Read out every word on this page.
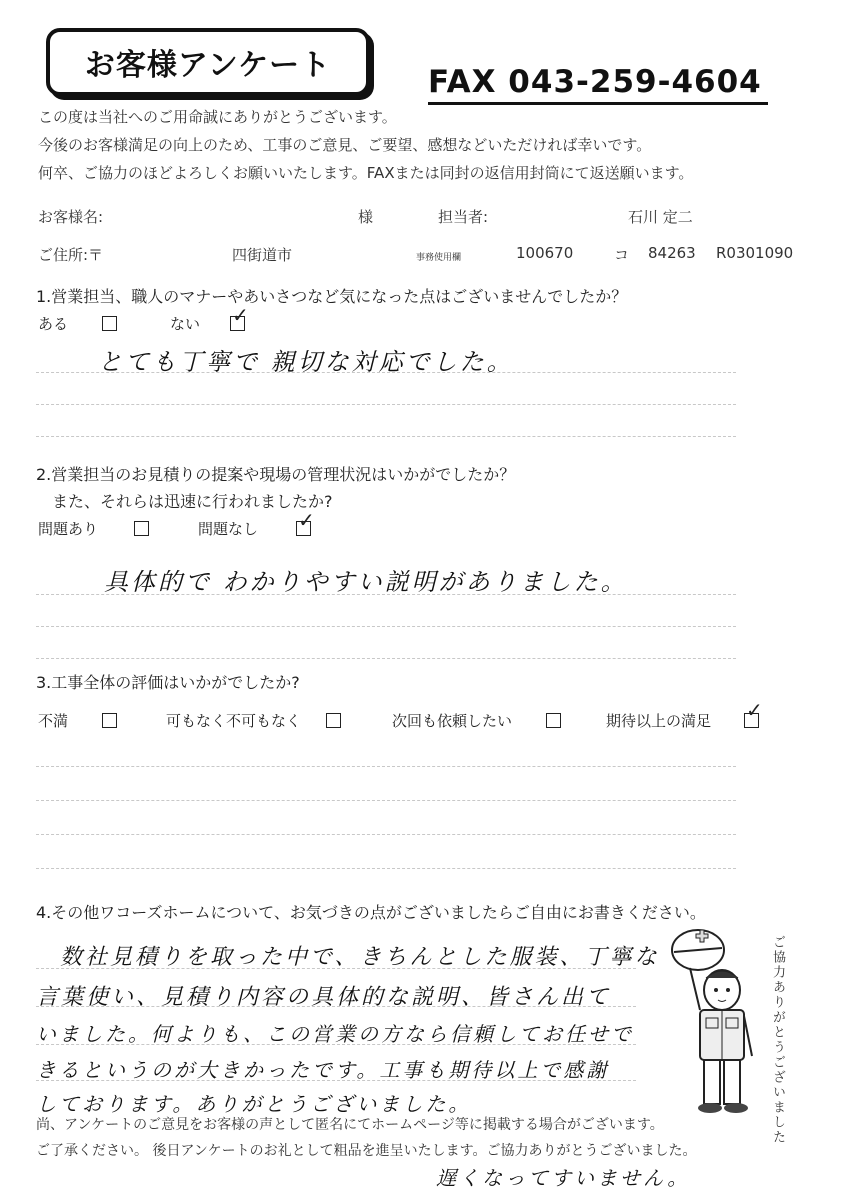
お客様アンケート	FAX 043-259-4604
この度は当社へのご用命誠にありがとうございます。
今後のお客様満足の向上のため、工事のご意見、ご要望、感想などいただければ幸いです。
何卒、ご協力のほどよろしくお願いいたします。FAXまたは同封の返信用封筒にて返送願います。
お客様名:	様	担当者:	石川 定二
ご住所:〒	四街道市	事務使用欄	100670	コ 84263 R0301090
1.営業担当、職人のマナーやあいさつなど気になった点はございませんでしたか？
ある	ない ✓
とても丁寧で 親切な対応でした。
2.営業担当のお見積りの提案や現場の管理状況はいかがでしたか？
また、それらは迅速に行われましたか?
問題あり	問題なし ✓
具体的で わかりやすい説明がありました。
3.工事全体の評価はいかがでしたか?
不満	可もなく不可もなく	次回も依頼したい	期待以上の満足 ✓
4.その他ワコーズホームについて、お気づきの点がございましたらご自由にお書きください。
数社見積りを取った中で、きちんとした服装、丁寧な
言葉使い、見積り内容の具体的な説明、皆さん出て
いました。何よりも、この営業の方なら信頼してお任せで
きるというのが大きかったです。工事も期待以上で感謝
しております。ありがとうございました。	ご協力ありがとうございました
尚、アンケートのご意見をお客様の声として匿名にてホームページ等に掲載する場合がございます。
ご了承ください。 後日アンケートのお礼として粗品を進呈いたします。ご協力ありがとうございました。
遅くなってすいません。
